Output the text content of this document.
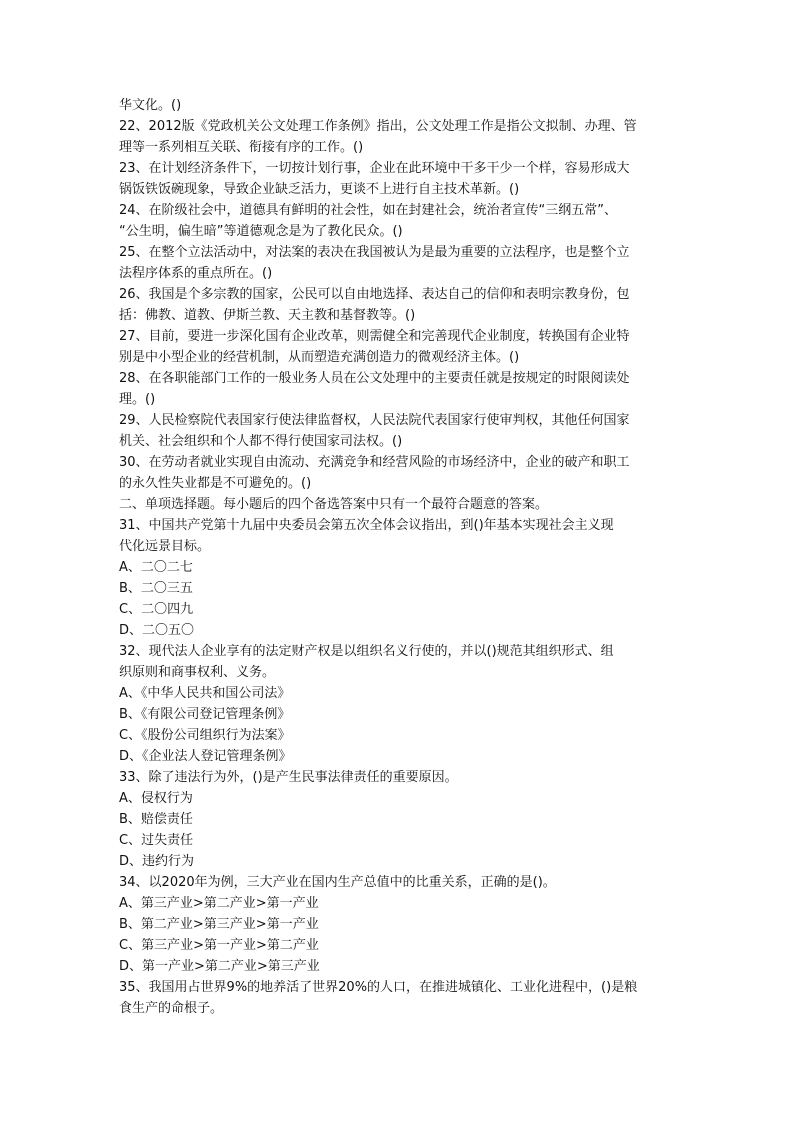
华文化。()
22、2012版《党政机关公文处理工作条例》指出，公文处理工作是指公文拟制、办理、管
理等一系列相互关联、衔接有序的工作。()
23、在计划经济条件下，一切按计划行事，企业在此环境中干多干少一个样，容易形成大
锅饭铁饭碗现象，导致企业缺乏活力，更谈不上进行自主技术革新。()
24、在阶级社会中，道德具有鲜明的社会性，如在封建社会，统治者宣传“三纲五常”、
“公生明，偏生暗”等道德观念是为了教化民众。()
25、在整个立法活动中，对法案的表决在我国被认为是最为重要的立法程序，也是整个立
法程序体系的重点所在。()
26、我国是个多宗教的国家，公民可以自由地选择、表达自己的信仰和表明宗教身份，包
括：佛教、道教、伊斯兰教、天主教和基督教等。()
27、目前，要进一步深化国有企业改革，则需健全和完善现代企业制度，转换国有企业特
别是中小型企业的经营机制，从而塑造充满创造力的微观经济主体。()
28、在各职能部门工作的一般业务人员在公文处理中的主要责任就是按规定的时限阅读处
理。()
29、人民检察院代表国家行使法律监督权，人民法院代表国家行使审判权，其他任何国家
机关、社会组织和个人都不得行使国家司法权。()
30、在劳动者就业实现自由流动、充满竞争和经营风险的市场经济中，企业的破产和职工
的永久性失业都是不可避免的。()
二、单项选择题。每小题后的四个备选答案中只有一个最符合题意的答案。
31、中国共产党第十九届中央委员会第五次全体会议指出，到()年基本实现社会主义现
代化远景目标。
A、二〇二七
B、二〇三五
C、二〇四九
D、二〇五〇
32、现代法人企业享有的法定财产权是以组织名义行使的，并以()规范其组织形式、组
织原则和商事权利、义务。
A、《中华人民共和国公司法》
B、《有限公司登记管理条例》
C、《股份公司组织行为法案》
D、《企业法人登记管理条例》
33、除了违法行为外，()是产生民事法律责任的重要原因。
A、侵权行为
B、赔偿责任
C、过失责任
D、违约行为
34、以2020年为例，三大产业在国内生产总值中的比重关系，正确的是()。
A、第三产业>第二产业>第一产业
B、第二产业>第三产业>第一产业
C、第三产业>第一产业>第二产业
D、第一产业>第二产业>第三产业
35、我国用占世界9%的地养活了世界20%的人口，在推进城镇化、工业化进程中，()是粮
食生产的命根子。
